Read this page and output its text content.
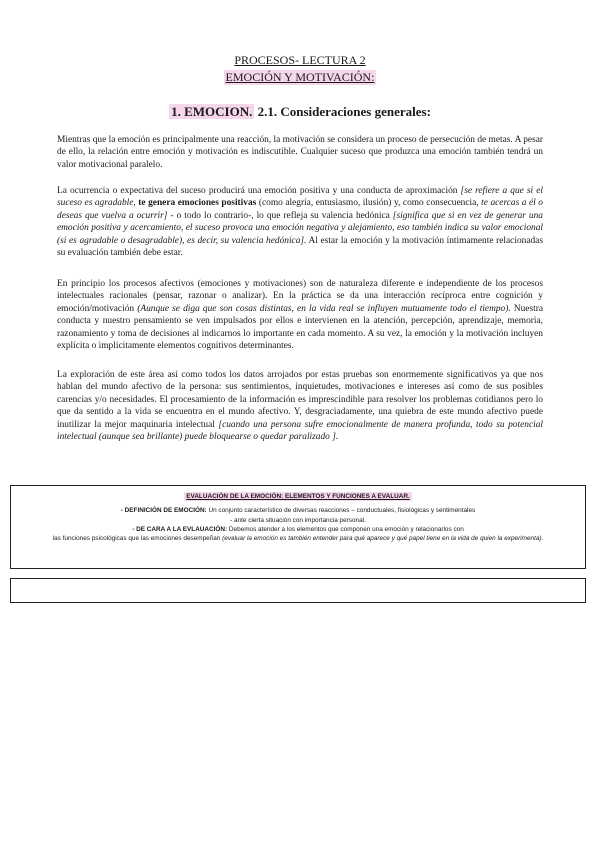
PROCESOS- LECTURA 2
EMOCIÓN Y MOTIVACIÓN:
1. EMOCION. 2.1. Consideraciones generales:

Mientras que la emoción es principalmente una reacción, la motivación se considera un proceso de persecución de metas. A pesar de ello, la relación entre emoción y motivación es indiscutible. Cualquier suceso que produzca una emoción también tendrá un valor motivacional paralelo.

La ocurrencia o expectativa del suceso producirá una emoción positiva y una conducta de aproximación [se refiere a que si el suceso es agradable, te genera emociones positivas (como alegría, entusiasmo, ilusión) y, como consecuencia, te acercas a él o deseas que vuelva a ocurrir] - o todo lo contrario-, lo que refleja su valencia hedónica [significa que si en vez de generar una emoción positiva y acercamiento, el suceso provoca una emoción negativa y alejamiento, eso también indica su valor emocional (si es agradable o desagradable), es decir, su valencia hedónica]. Al estar la emoción y la motivación íntimamente relacionadas su evaluación también debe estar.

En principio los procesos afectivos (emociones y motivaciones) son de naturaleza diferente e independiente de los procesos intelectuales racionales (pensar, razonar o analizar). En la práctica se da una interacción recíproca entre cognición y emoción/motivación (Aunque se diga que son cosas distintas, en la vida real se influyen mutuamente todo el tiempo). Nuestra conducta y nuestro pensamiento se ven impulsados por ellos e intervienen en la atención, percepción, aprendizaje, memoria, razonamiento y toma de decisiones al indicarnos lo importante en cada momento. A su vez, la emoción y la motivación incluyen explícita o implícitamente elementos cognitivos determinantes.

La exploración de este área así como todos los datos arrojados por estas pruebas son enormemente significativos ya que nos hablan del mundo afectivo de la persona: sus sentimientos, inquietudes, motivaciones e intereses así como de sus posibles carencias y/o necesidades. El procesamiento de la información es imprescindible para resolver los problemas cotidianos pero lo que da sentido a la vida se encuentra en el mundo afectivo. Y, desgraciadamente, una quiebra de este mundo afectivo puede inutilizar la mejor maquinaria intelectual [cuando una persona sufre emocionalmente de manera profunda, todo su potencial intelectual (aunque sea brillante) puede bloquearse o quedar paralizado ].

EVALUACIÓN DE LA EMOCIÓN: ELEMENTOS Y FUNCIONES A EVALUAR.
- DEFINICIÓN DE EMOCIÓN: Un conjunto característico de diversas reacciones – conductuales, fisiológicas y sentimentales
- ante cierta situación con importancia personal.
- DE CARA A LA EVLAUACIÓN: Debemos atender a los elementos que componen una emoción y relacionarlos con
las funciones psicológicas que las emociones desempeñan (evaluar la emoción es también entender para qué aparece y qué papel tiene en la vida de quien la experimenta).
